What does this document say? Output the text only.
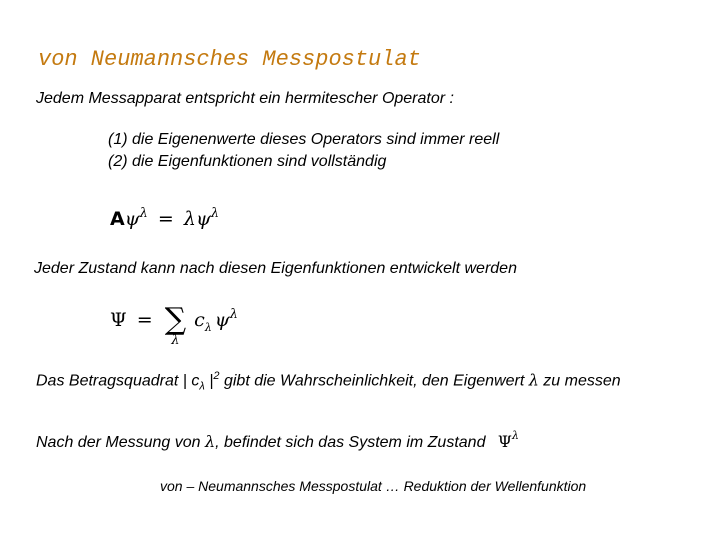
von Neumannsches Messpostulat
Jedem Messapparat entspricht ein hermitescher Operator :
(1) die Eigenenwerte dieses Operators sind immer reell
(2) die Eigenfunktionen sind vollständig
$A\psi^\lambda = \lambda\psi^\lambda$
Jeder Zustand kann nach diesen Eigenfunktionen entwickelt werden
Ψ = ∑
λ
$c_\lambda$ $\psi^\lambda$
Das Betragsquadrat | $c_\lambda$ $|^2$ gibt die Wahrscheinlichkeit, den Eigenwert λ zu messen
Nach der Messung von λ, befindet sich das System im Zustand $\Psi^\lambda$
von – Neumannsches Messpostulat … Reduktion der Wellenfunktion
